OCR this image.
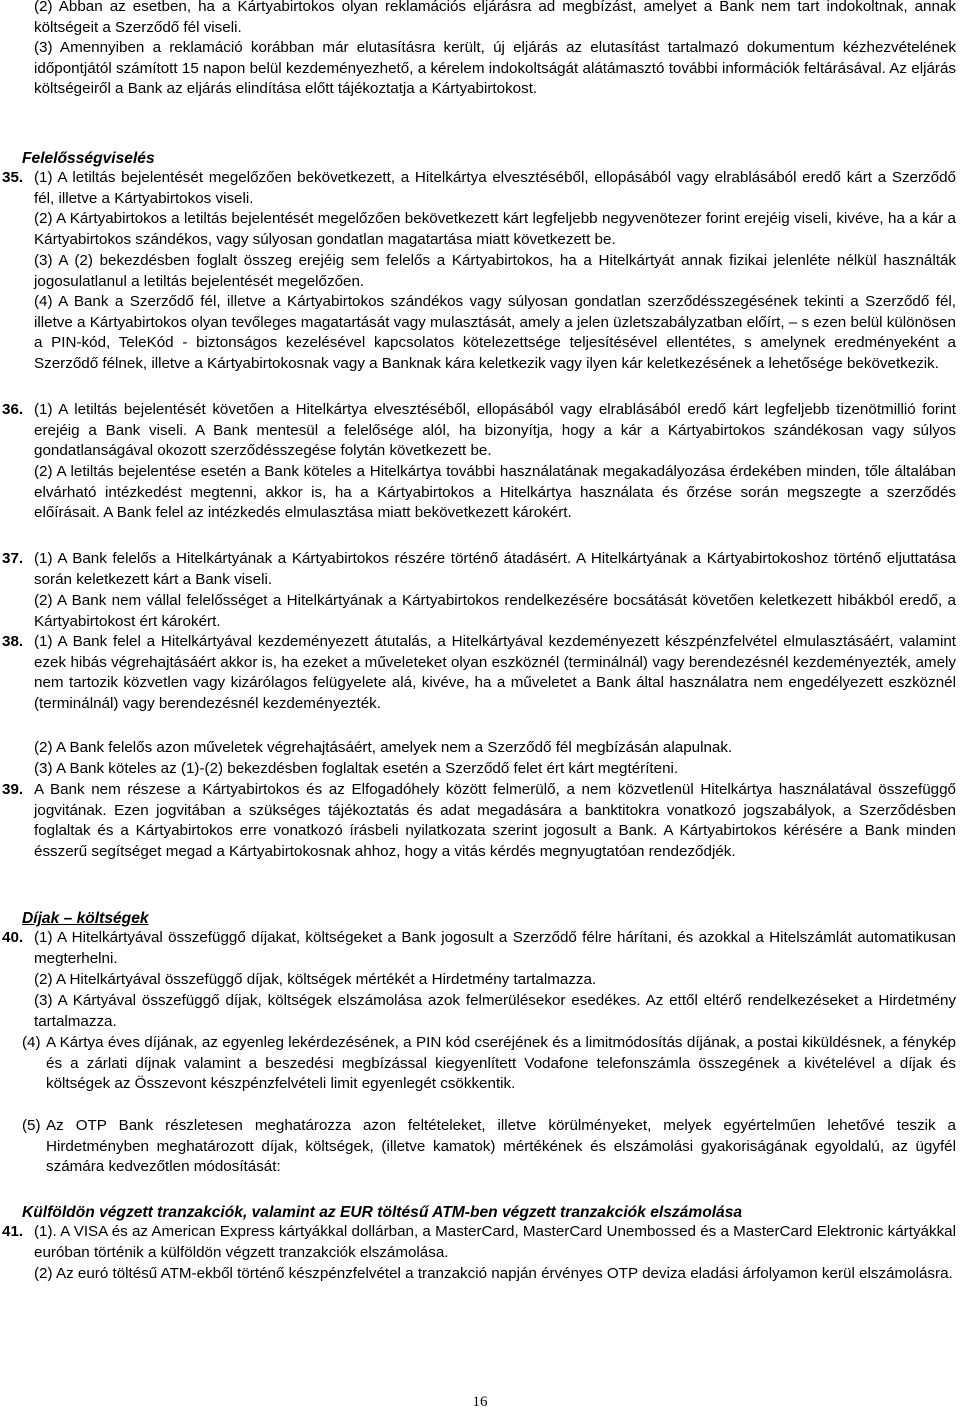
(2) Abban az esetben, ha a Kártyabirtokos olyan reklamációs eljárásra ad megbízást, amelyet a Bank nem tart indokoltnak, annak költségeit a Szerződő fél viseli.
(3) Amennyiben a reklamáció korábban már elutasításra került, új eljárás az elutasítást tartalmazó dokumentum kézhezvételének időpontjától számított 15 napon belül kezdeményezhető, a kérelem indokoltságát alátámasztó további információk feltárásával. Az eljárás költségeiről a Bank az eljárás elindítása előtt tájékoztatja a Kártyabirtokost.
Felelősségviselés
35. (1) A letiltás bejelentését megelőzően bekövetkezett, a Hitelkártya elvesztéséből, ellopásából vagy elrablásából eredő kárt a Szerződő fél, illetve a Kártyabirtokos viseli.
(2) A Kártyabirtokos a letiltás bejelentését megelőzően bekövetkezett kárt legfeljebb negyvenötezer forint erejéig viseli, kivéve, ha a kár a Kártyabirtokos szándékos, vagy súlyosan gondatlan magatartása miatt következett be.
(3) A (2) bekezdésben foglalt összeg erejéig sem felelős a Kártyabirtokos, ha a Hitelkártyát annak fizikai jelenléte nélkül használták jogosulatlanul a letiltás bejelentését megelőzően.
(4) A Bank a Szerződő fél, illetve a Kártyabirtokos szándékos vagy súlyosan gondatlan szerződésszegésének tekinti a Szerződő fél, illetve a Kártyabirtokos olyan tevőleges magatartását vagy mulasztását, amely a jelen üzletszabályzatban előírt, – s ezen belül különösen a PIN-kód, TeleKód - biztonságos kezelésével kapcsolatos kötelezettsége teljesítésével ellentétes, s amelynek eredményeként a Szerződő félnek, illetve a Kártyabirtokosnak vagy a Banknak kára keletkezik vagy ilyen kár keletkezésének a lehetősége bekövetkezik.
36. (1) A letiltás bejelentését követően a Hitelkártya elvesztéséből, ellopásából vagy elrablásából eredő kárt legfeljebb tizenötmillió forint erejéig a Bank viseli. A Bank mentesül a felelősége alól, ha bizonyítja, hogy a kár a Kártyabirtokos szándékosan vagy súlyos gondatlanságával okozott szerződésszegése folytán következett be.
(2) A letiltás bejelentése esetén a Bank köteles a Hitelkártya további használatának megakadályozása érdekében minden, tőle általában elvárható intézkedést megtenni, akkor is, ha a Kártyabirtokos a Hitelkártya használata és őrzése során megszegte a szerződés előírásait. A Bank felel az intézkedés elmulasztása miatt bekövetkezett károkért.
37. (1) A Bank felelős a Hitelkártyának a Kártyabirtokos részére történő átadásért. A Hitelkártyának a Kártyabirtokoshoz történő eljuttatása során keletkezett kárt a Bank viseli.
(2) A Bank nem vállal felelősséget a Hitelkártyának a Kártyabirtokos rendelkezésére bocsátását követően keletkezett hibákból eredő, a Kártyabirtokost ért károkért.
38. (1) A Bank felel a Hitelkártyával kezdeményezett átutalás, a Hitelkártyával kezdeményezett készpénzfelvétel elmulasztásáért, valamint ezek hibás végrehajtásáért akkor is, ha ezeket a műveleteket olyan eszköznél (terminálnál) vagy berendezésnél kezdeményezték, amely nem tartozik közvetlen vagy kizárólagos felügyelete alá, kivéve, ha a műveletet a Bank által használatra nem engedélyezett eszköznél (terminálnál) vagy berendezésnél kezdeményezték.
(2) A Bank felelős azon műveletek végrehajtásáért, amelyek nem a Szerződő fél megbízásán alapulnak.
(3) A Bank köteles az (1)-(2) bekezdésben foglaltak esetén a Szerződő felet ért kárt megtéríteni.
39. A Bank nem részese a Kártyabirtokos és az Elfogadóhely között felmerülő, a nem közvetlenül Hitelkártya használatával összefüggő jogvitának. Ezen jogvitában a szükséges tájékoztatás és adat megadására a banktitokra vonatkozó jogszabályok, a Szerződésben foglaltak és a Kártyabirtokos erre vonatkozó írásbeli nyilatkozata szerint jogosult a Bank. A Kártyabirtokos kérésére a Bank minden ésszerű segítséget megad a Kártyabirtokosnak ahhoz, hogy a vitás kérdés megnyugtatóan rendeződjék.
Díjak – költségek
40. (1) A Hitelkártyával összefüggő díjakat, költségeket a Bank jogosult a Szerződő félre hárítani, és azokkal a Hitelszámlát automatikusan megterhelni.
(2) A Hitelkártyával összefüggő díjak, költségek mértékét a Hirdetmény tartalmazza.
(3) A Kártyával összefüggő díjak, költségek elszámolása azok felmerülésekor esedékes. Az ettől eltérő rendelkezéseket a Hirdetmény tartalmazza.
(4) A Kártya éves díjának, az egyenleg lekérdezésének, a PIN kód cseréjének és a limitmódosítás díjának, a postai kiküldésnek, a fénykép és a zárlati díjnak valamint a beszedési megbízással kiegyenlített Vodafone telefonszámla összegének a kivételével a díjak és költségek az Összevont készpénzfelvételi limit egyenlegét csökkentik.
(5) Az OTP Bank részletesen meghatározza azon feltételeket, illetve körülményeket, melyek egyértelműen lehetővé teszik a Hirdetményben meghatározott díjak, költségek, (illetve kamatok) mértékének és elszámolási gyakoriságának egyoldalú, az ügyfél számára kedvezőtlen módosítását:
Külföldön végzett tranzakciók, valamint az EUR töltésű ATM-ben végzett tranzakciók elszámolása
41. (1). A VISA és az American Express kártyákkal dollárban, a MasterCard, MasterCard Unembossed és a MasterCard Elektronic kártyákkal euróban történik a külföldön végzett tranzakciók elszámolása.
(2) Az euró töltésű ATM-ekből történő készpénzfelvétel a tranzakció napján érvényes OTP deviza eladási árfolyamon kerül elszámolásra.
16
